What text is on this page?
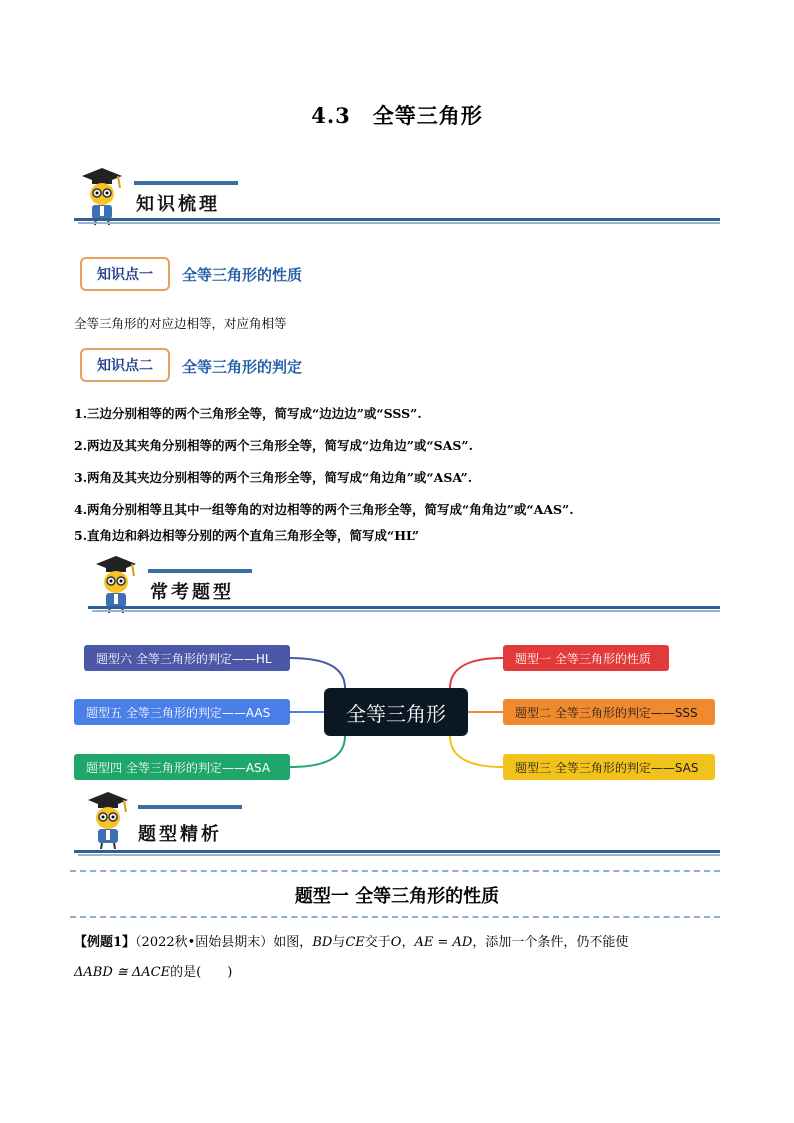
4.3　全等三角形
知识梳理
知识点一	全等三角形的性质
全等三角形的对应边相等，对应角相等
知识点二	全等三角形的判定
1.三边分别相等的两个三角形全等，简写成“边边边”或“SSS”.
2.两边及其夹角分别相等的两个三角形全等，简写成“边角边”或“SAS”.
3.两角及其夹边分别相等的两个三角形全等，简写成“角边角”或“ASA”.
4.两角分别相等且其中一组等角的对边相等的两个三角形全等，简写成“角角边”或“AAS”.
5.直角边和斜边相等分别的两个直角三角形全等，简写成“HL”
常考题型
题型六 全等三角形的判定——HL
题型五 全等三角形的判定——AAS
题型四 全等三角形的判定——ASA
全等三角形
题型一 全等三角形的性质
题型二 全等三角形的判定——SSS
题型三 全等三角形的判定——SAS
题型精析
题型一 全等三角形的性质
【例题1】（2022秋•固始县期末）如图，BD与CE交于O，AE = AD，添加一个条件，仍不能使
ΔABD ≅ ΔACE的是(　　)
